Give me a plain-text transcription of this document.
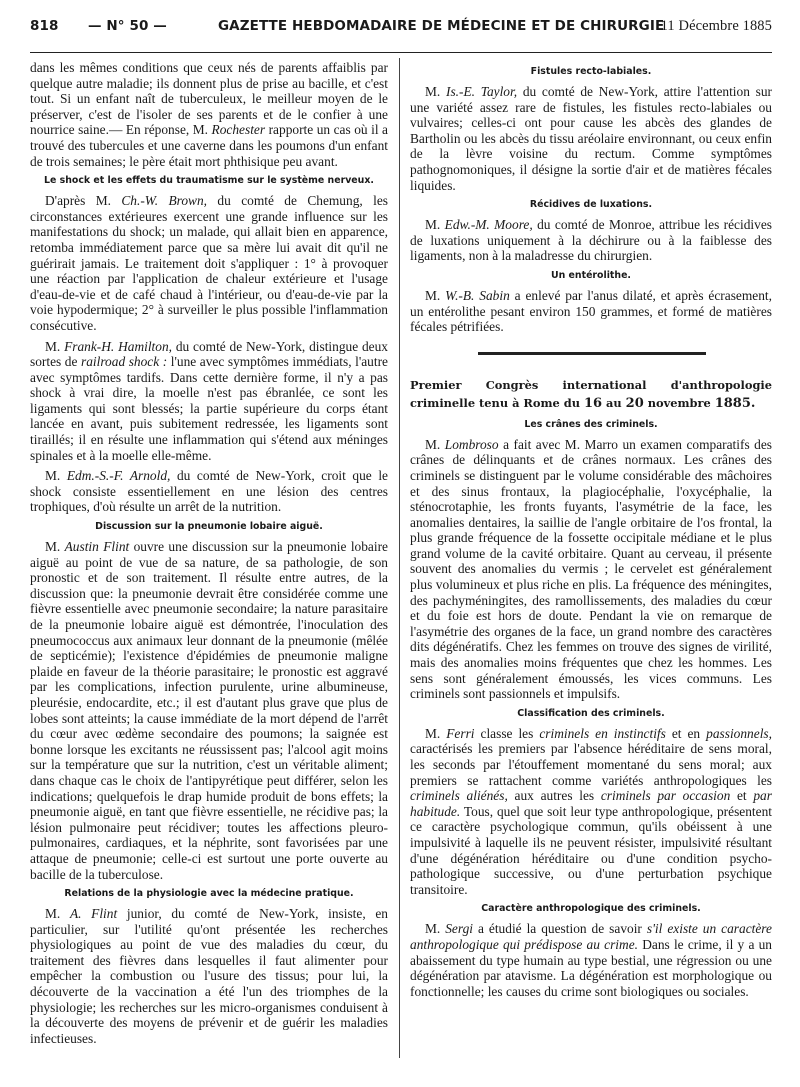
818 — N° 50 —	GAZETTE HEBDOMADAIRE DE MÉDECINE ET DE CHIRURGIE
11 Décembre 1885

dans les mêmes conditions que ceux nés de parents affaiblis par quelque autre maladie; ils donnent plus de prise au bacille, et c'est tout. Si un enfant naît de tuberculeux, le meilleur moyen de le préserver, c'est de l'isoler de ses parents et de le confier à une nourrice saine.— En réponse, M. Rochester rapporte un cas où il a trouvé des tubercules et une caverne dans les poumons d'un enfant de trois semaines; le père était mort phthisique peu avant.

Le shock et les effets du traumatisme sur le système nerveux.

D'après M. Ch.-W. Brown, du comté de Chemung, les circonstances extérieures exercent une grande influence sur les manifestations du shock; un malade, qui allait bien en apparence, retomba immédiatement parce que sa mère lui avait dit qu'il ne guérirait jamais. Le traitement doit s'appliquer : 1° à provoquer une réaction par l'application de chaleur extérieure et l'usage d'eau-de-vie et de café chaud à l'intérieur, ou d'eau-de-vie par la voie hypodermique; 2° à surveiller le plus possible l'inflammation consécutive.

M. Frank-H. Hamilton, du comté de New-York, distingue deux sortes de railroad shock : l'une avec symptômes immédiats, l'autre avec symptômes tardifs. Dans cette dernière forme, il n'y a pas shock à vrai dire, la moelle n'est pas ébranlée, ce sont les ligaments qui sont blessés; la partie supérieure du corps étant lancée en avant, puis subitement redressée, les ligaments sont tiraillés; il en résulte une inflammation qui s'étend aux méninges spinales et à la moelle elle-même.

M. Edm.-S.-F. Arnold, du comté de New-York, croit que le shock consiste essentiellement en une lésion des centres trophiques, d'où résulte un arrêt de la nutrition.

Discussion sur la pneumonie lobaire aiguë.

M. Austin Flint ouvre une discussion sur la pneumonie lobaire aiguë au point de vue de sa nature, de sa pathologie, de son pronostic et de son traitement. Il résulte entre autres, de la discussion que: la pneumonie devrait être considérée comme une fièvre essentielle avec pneumonie secondaire; la nature parasitaire de la pneumonie lobaire aiguë est démontrée, l'inoculation des pneumococcus aux animaux leur donnant de la pneumonie (mêlée de septicémie); l'existence d'épidémies de pneumonie maligne plaide en faveur de la théorie parasitaire; le pronostic est aggravé par les complications, infection purulente, urine albumineuse, pleurésie, endocardite, etc.; il est d'autant plus grave que plus de lobes sont atteints; la cause immédiate de la mort dépend de l'arrêt du cœur avec œdème secondaire des poumons; la saignée est bonne lorsque les excitants ne réussissent pas; l'alcool agit moins sur la température que sur la nutrition, c'est un véritable aliment; dans chaque cas le choix de l'antipyrétique peut différer, selon les indications; quelquefois le drap humide produit de bons effets; la pneumonie aiguë, en tant que fièvre essentielle, ne récidive pas; la lésion pulmonaire peut récidiver; toutes les affections pleuro-pulmonaires, cardiaques, et la néphrite, sont favorisées par une attaque de pneumonie; celle-ci est surtout une porte ouverte au bacille de la tuberculose.

Relations de la physiologie avec la médecine pratique.

M. A. Flint junior, du comté de New-York, insiste, en particulier, sur l'utilité qu'ont présentée les recherches physiologiques au point de vue des maladies du cœur, du traitement des fièvres dans lesquelles il faut alimenter pour empêcher la combustion ou l'usure des tissus; pour lui, la découverte de la vaccination a été l'un des triomphes de la physiologie; les recherches sur les micro-organismes conduisent à la découverte des moyens de prévenir et de guérir les maladies infectieuses.

Fistules recto-labiales.

M. Is.-E. Taylor, du comté de New-York, attire l'attention sur une variété assez rare de fistules, les fistules recto-labiales ou vulvaires; celles-ci ont pour cause les abcès des glandes de Bartholin ou les abcès du tissu aréolaire environnant, ou ceux enfin de la lèvre voisine du rectum. Comme symptômes pathognomoniques, il désigne la sortie d'air et de matières fécales liquides.

Récidives de luxations.

M. Edw.-M. Moore, du comté de Monroe, attribue les récidives de luxations uniquement à la déchirure ou à la faiblesse des ligaments, non à la maladresse du chirurgien.

Un entérolithe.

M. W.-B. Sabin a enlevé par l'anus dilaté, et après écrasement, un entérolithe pesant environ 150 grammes, et formé de matières fécales pétrifiées.

Premier Congrès international d'anthropologie criminelle tenu à Rome du 16 au 20 novembre 1885.
Les crânes des criminels.

M. Lombroso a fait avec M. Marro un examen comparatifs des crânes de délinquants et de crânes normaux. Les crânes des criminels se distinguent par le volume considérable des mâchoires et des sinus frontaux, la plagiocéphalie, l'oxycéphalie, la sténocrotaphie, les fronts fuyants, l'asymétrie de la face, les anomalies dentaires, la saillie de l'angle orbitaire de l'os frontal, la plus grande fréquence de la fossette occipitale médiane et le plus grand volume de la cavité orbitaire. Quant au cerveau, il présente souvent des anomalies du vermis ; le cervelet est généralement plus volumineux et plus riche en plis. La fréquence des méningites, des pachyméningites, des ramollissements, des maladies du cœur et du foie est hors de doute. Pendant la vie on remarque de l'asymétrie des organes de la face, un grand nombre des caractères dits dégénératifs. Chez les femmes on trouve des signes de virilité, mais des anomalies moins fréquentes que chez les hommes. Les sens sont généralement émoussés, les vices communs. Les criminels sont passionnels et impulsifs.

Classification des criminels.

M. Ferri classe les criminels en instinctifs et en passionnels, caractérisés les premiers par l'absence héréditaire de sens moral, les seconds par l'étouffement momentané du sens moral; aux premiers se rattachent comme variétés anthropologiques les criminels aliénés, aux autres les criminels par occasion et par habitude. Tous, quel que soit leur type anthropologique, présentent ce caractère psychologique commun, qu'ils obéissent à une impulsivité à laquelle ils ne peuvent résister, impulsivité résultant d'une dégénération héréditaire ou d'une condition psycho-pathologique successive, ou d'une perturbation psychique transitoire.

Caractère anthropologique des criminels.

M. Sergi a étudié la question de savoir s'il existe un caractère anthropologique qui prédispose au crime. Dans le crime, il y a un abaissement du type humain au type bestial, une régression ou une dégénération par atavisme. La dégénération est morphologique ou fonctionnelle; les causes du crime sont biologiques ou sociales.
